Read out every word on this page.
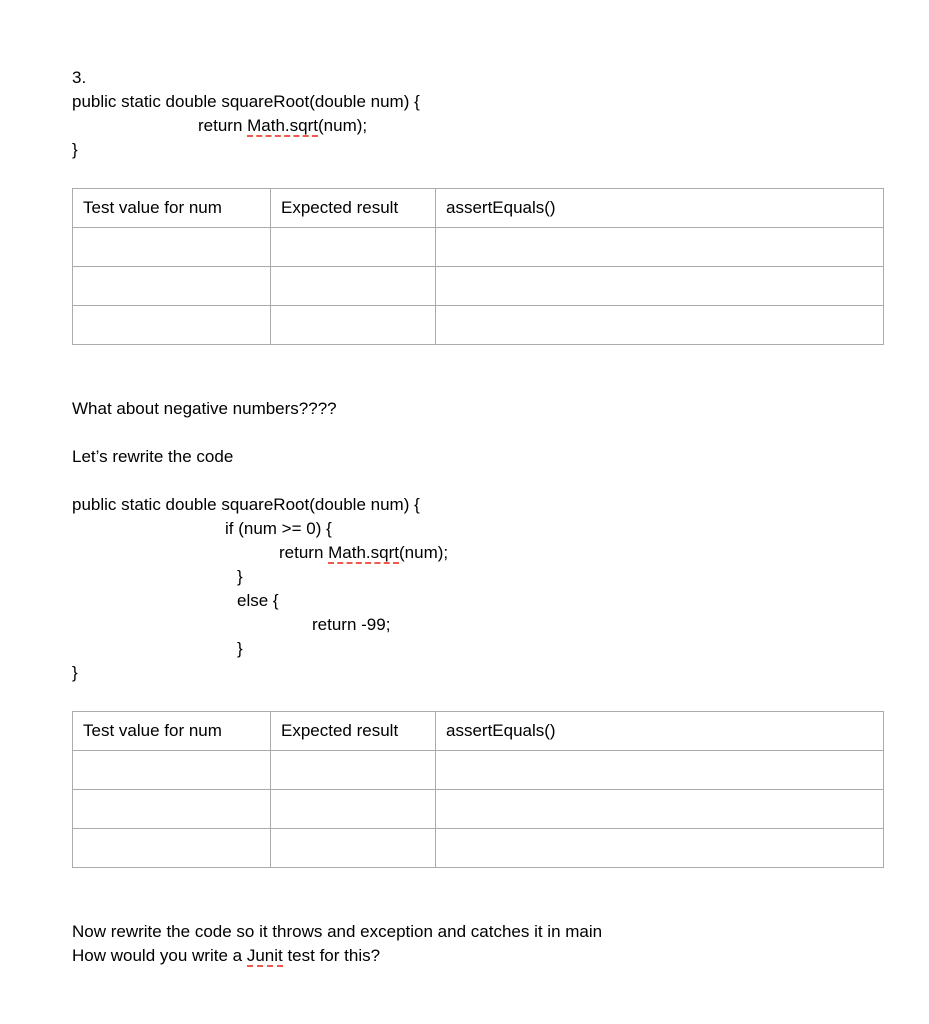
3.

public static double squareRoot(double num) {
return Math.sqrt(num);
}
Test value for num	Expected result	assertEquals()

What about negative numbers????

Let’s rewrite the code

public static double squareRoot(double num) {
if (num >= 0) {
return Math.sqrt(num);
}
else {
return -99;
}
}
Test value for num	Expected result	assertEquals()

Now rewrite the code so it throws and exception and catches it in main

How would you write a Junit test for this?
